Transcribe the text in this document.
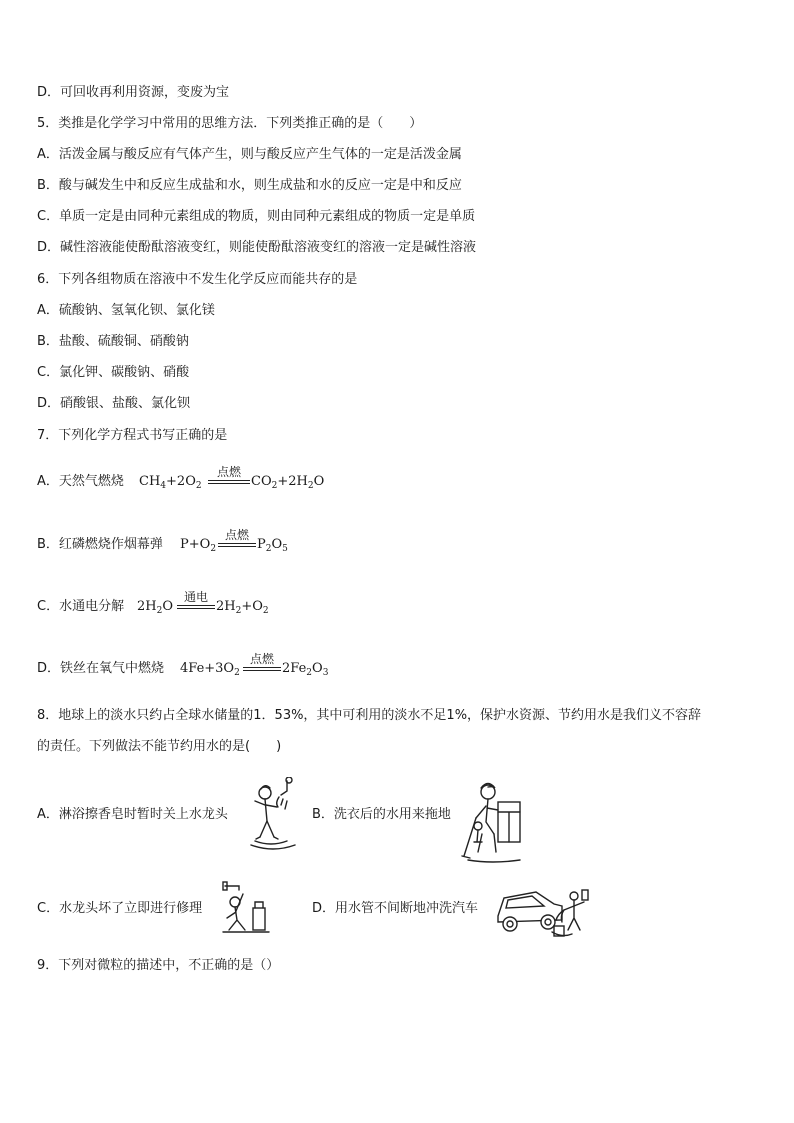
D．可回收再利用资源，变废为宝
5．类推是化学学习中常用的思维方法．下列类推正确的是（　　）
A．活泼金属与酸反应有气体产生，则与酸反应产生气体的一定是活泼金属
B．酸与碱发生中和反应生成盐和水，则生成盐和水的反应一定是中和反应
C．单质一定是由同种元素组成的物质，则由同种元素组成的物质一定是单质
D．碱性溶液能使酚酞溶液变红，则能使酚酞溶液变红的溶液一定是碱性溶液
6．下列各组物质在溶液中不发生化学反应而能共存的是
A．硫酸钠、氢氧化钡、氯化镁
B．盐酸、硫酸铜、硝酸钠
C．氯化钾、碳酸钠、硝酸
D．硝酸银、盐酸、氯化钡
7．下列化学方程式书写正确的是
A．天然气燃烧 $CH_4+2O_2$
点燃
$CO_2+2H_2O$
B．红磷燃烧作烟幕弹 $P+O_2$
点燃
$P_2O_5$
C．水通电分解 $2H_2O$
通电
$2H_2+O_2$
D．铁丝在氧气中燃烧 $4Fe+3O_2$
点燃
$2Fe_2O_3$
8．地球上的淡水只约占全球水储量的1．53%，其中可利用的淡水不足1%，保护水资源、节约用水是我们义不容辞
的责任。下列做法不能节约用水的是(　　)
A．淋浴擦香皂时暂时关上水龙头	B．洗衣后的水用来拖地
C．水龙头坏了立即进行修理	D．用水管不间断地冲洗汽车
9．下列对微粒的描述中，不正确的是（）
